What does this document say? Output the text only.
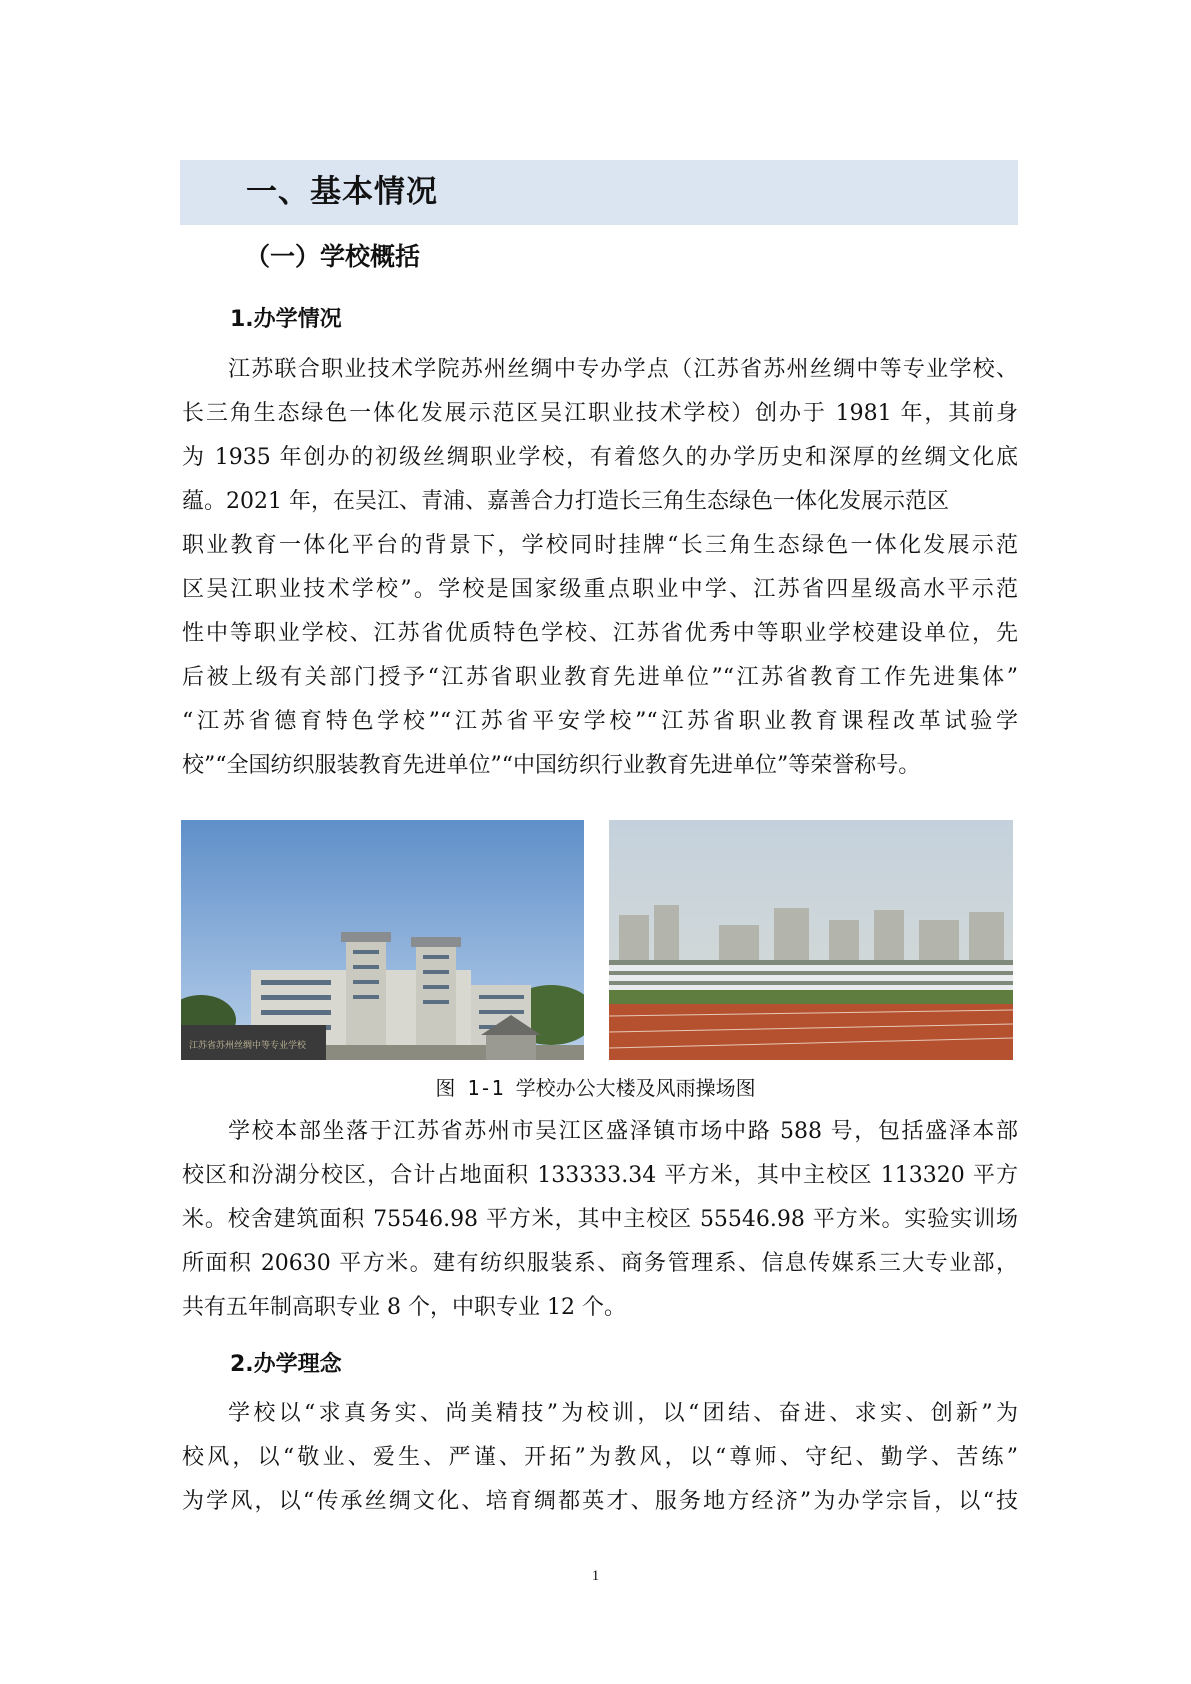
一、基本情况
（一）学校概括
1.办学情况
江苏联合职业技术学院苏州丝绸中专办学点（江苏省苏州丝绸中等专业学校、
长三角生态绿色一体化发展示范区吴江职业技术学校）创办于 1981 年，其前身
为 1935 年创办的初级丝绸职业学校，有着悠久的办学历史和深厚的丝绸文化底
蕴。2021 年，在吴江、青浦、嘉善合力打造长三角生态绿色一体化发展示范区
职业教育一体化平台的背景下，学校同时挂牌“长三角生态绿色一体化发展示范
区吴江职业技术学校”。学校是国家级重点职业中学、江苏省四星级高水平示范
性中等职业学校、江苏省优质特色学校、江苏省优秀中等职业学校建设单位，先
后被上级有关部门授予“江苏省职业教育先进单位”“江苏省教育工作先进集体”
“江苏省德育特色学校”“江苏省平安学校”“江苏省职业教育课程改革试验学
校”“全国纺织服装教育先进单位”“中国纺织行业教育先进单位”等荣誉称号。
江苏省苏州丝绸中等专业学校
图 1-1 学校办公大楼及风雨操场图
学校本部坐落于江苏省苏州市吴江区盛泽镇市场中路 588 号，包括盛泽本部
校区和汾湖分校区，合计占地面积 133333.34 平方米，其中主校区 113320 平方
米。校舍建筑面积 75546.98 平方米，其中主校区 55546.98 平方米。实验实训场
所面积 20630 平方米。建有纺织服装系、商务管理系、信息传媒系三大专业部，
共有五年制高职专业 8 个，中职专业 12 个。
2.办学理念
学校以“求真务实、尚美精技”为校训，以“团结、奋进、求实、创新”为
校风，以“敬业、爱生、严谨、开拓”为教风，以“尊师、守纪、勤学、苦练”
为学风，以“传承丝绸文化、培育绸都英才、服务地方经济”为办学宗旨，以“技
1
